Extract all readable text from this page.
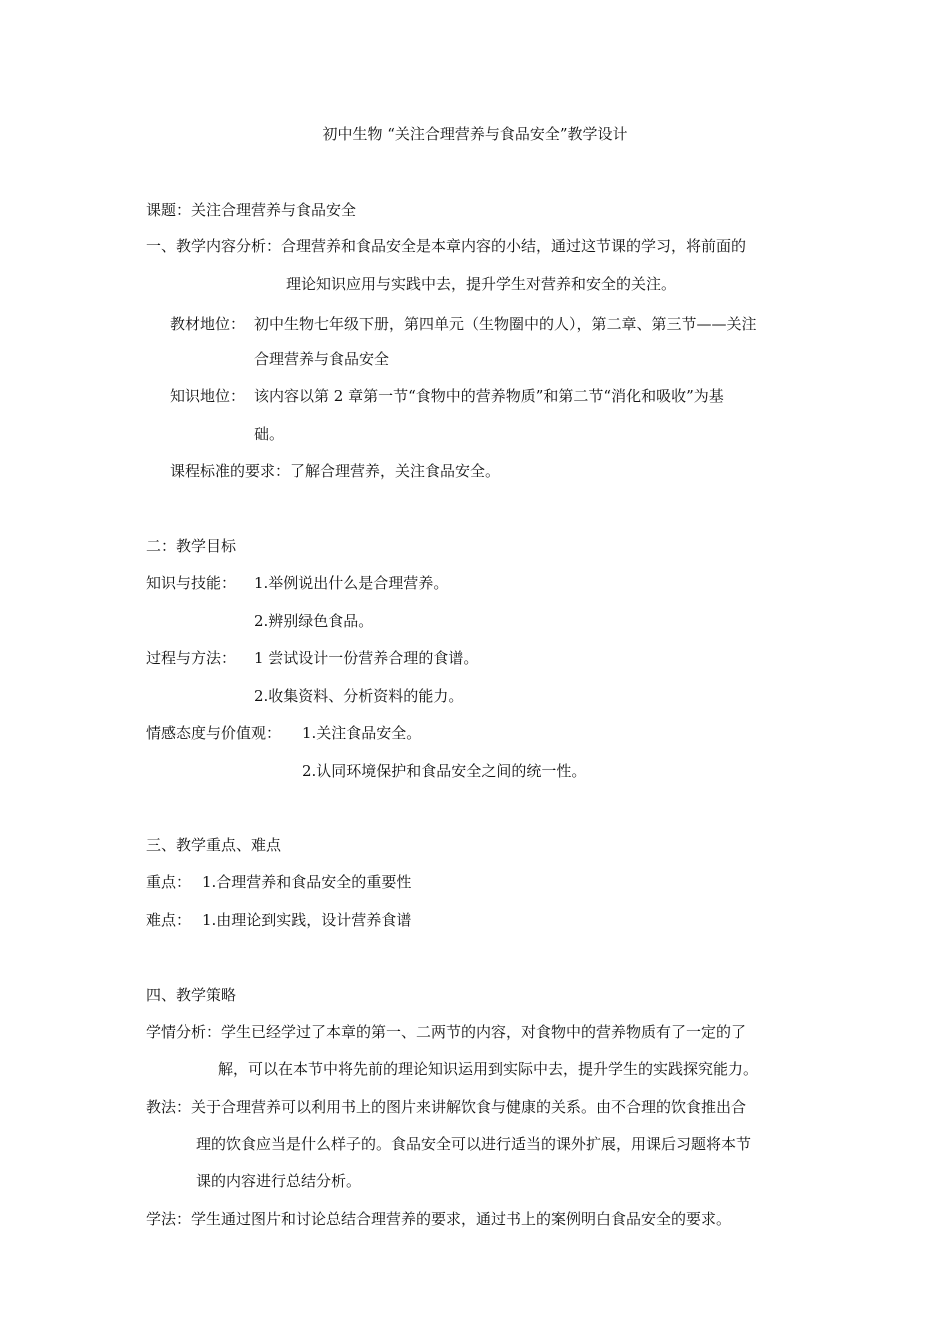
初中生物 “关注合理营养与食品安全”教学设计

课题：关注合理营养与食品安全

一、教学内容分析：合理营养和食品安全是本章内容的小结，通过这节课的学习，将前面的

理论知识应用与实践中去，提升学生对营养和安全的关注。

教材地位： 初中生物七年级下册，第四单元（生物圈中的人），第二章、第三节——关注

合理营养与食品安全

知识地位： 该内容以第 2 章第一节“食物中的营养物质”和第二节“消化和吸收”为基

础。

课程标准的要求：了解合理营养，关注食品安全。

二：教学目标

知识与技能： 1.举例说出什么是合理营养。

2.辨别绿色食品。

过程与方法： 1 尝试设计一份营养合理的食谱。

2.收集资料、分析资料的能力。

情感态度与价值观： 1.关注食品安全。

2.认同环境保护和食品安全之间的统一性。

三、教学重点、难点

重点： 1.合理营养和食品安全的重要性

难点： 1.由理论到实践，设计营养食谱

四、教学策略

学情分析：学生已经学过了本章的第一、二两节的内容，对食物中的营养物质有了一定的了

解，可以在本节中将先前的理论知识运用到实际中去，提升学生的实践探究能力。

教法：关于合理营养可以利用书上的图片来讲解饮食与健康的关系。由不合理的饮食推出合

理的饮食应当是什么样子的。食品安全可以进行适当的课外扩展，用课后习题将本节

课的内容进行总结分析。

学法：学生通过图片和讨论总结合理营养的要求，通过书上的案例明白食品安全的要求。
